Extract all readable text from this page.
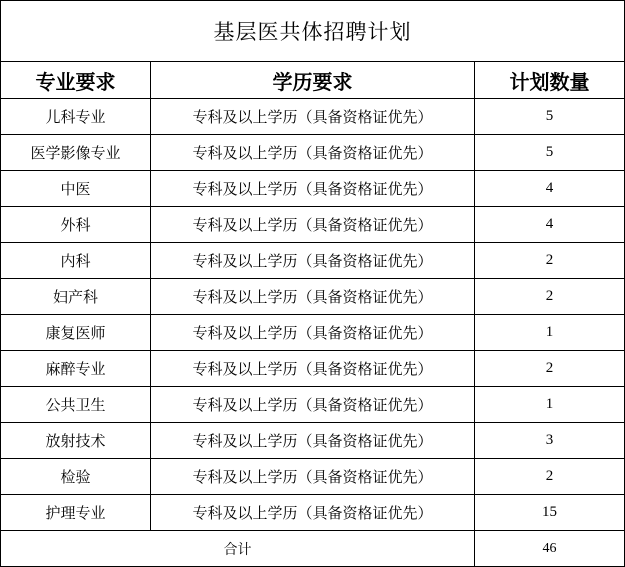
基层医共体招聘计划		
专业要求	学历要求	计划数量
儿科专业	专科及以上学历（具备资格证优先）	5
医学影像专业	专科及以上学历（具备资格证优先）	5
中医	专科及以上学历（具备资格证优先）	4
外科	专科及以上学历（具备资格证优先）	4
内科	专科及以上学历（具备资格证优先）	2
妇产科	专科及以上学历（具备资格证优先）	2
康复医师	专科及以上学历（具备资格证优先）	1
麻醉专业	专科及以上学历（具备资格证优先）	2
公共卫生	专科及以上学历（具备资格证优先）	1
放射技术	专科及以上学历（具备资格证优先）	3
检验	专科及以上学历（具备资格证优先）	2
护理专业	专科及以上学历（具备资格证优先）	15
合计		46
